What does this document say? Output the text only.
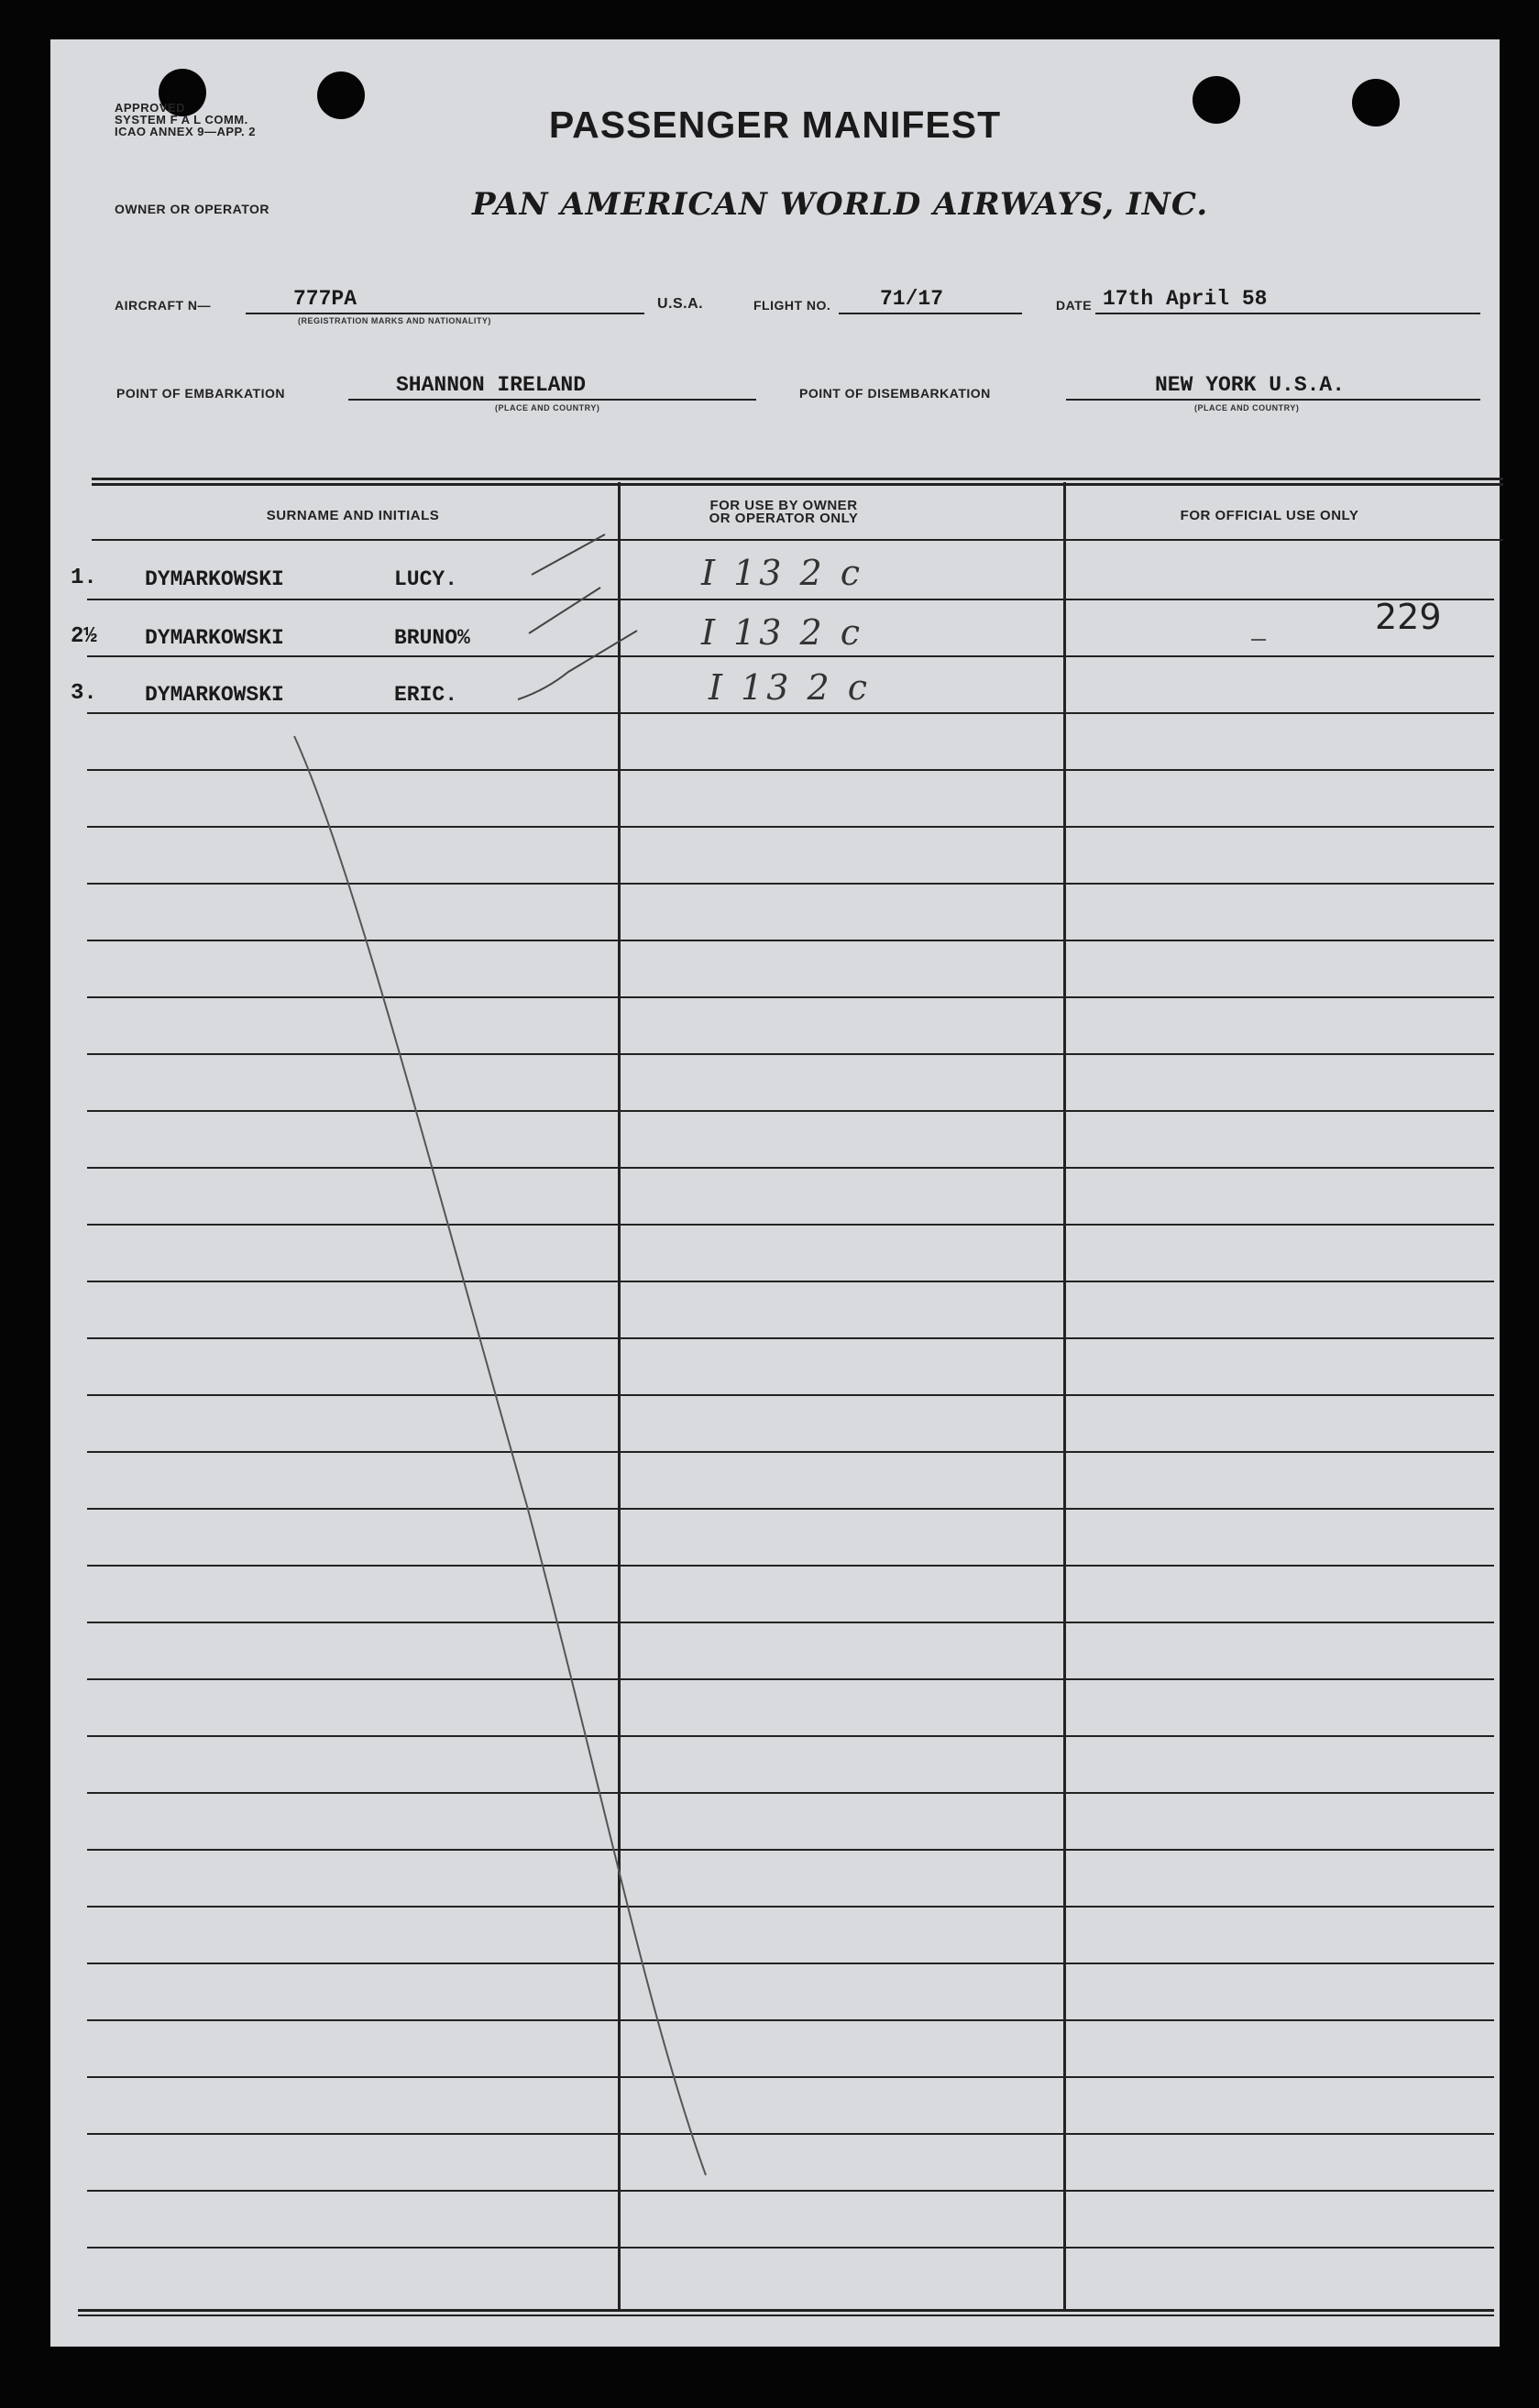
APPROVED
SYSTEM F A L COMM.
ICAO ANNEX 9—APP. 2	PASSENGER MANIFEST
OWNER OR OPERATOR	PAN AMERICAN WORLD AIRWAYS, INC.
AIRCRAFT N—	777PA
(REGISTRATION MARKS AND NATIONALITY)
U.S.A.	FLIGHT NO. 71/17	DATE 17th April 58
POINT OF EMBARKATION	SHANNON IRELAND
(PLACE AND COUNTRY)
POINT OF DISEMBARKATION	NEW YORK U.S.A.
(PLACE AND COUNTRY)
SURNAME AND INITIALS
FOR USE BY OWNER
OR OPERATOR ONLY	FOR OFFICIAL USE ONLY
1. DYMARKOWSKI	LUCY.	I 13 2 c
2½ DYMARKOWSKI	BRUNO%	I 13 2 c	229
3. DYMARKOWSKI	ERIC.	I 13 2 c
